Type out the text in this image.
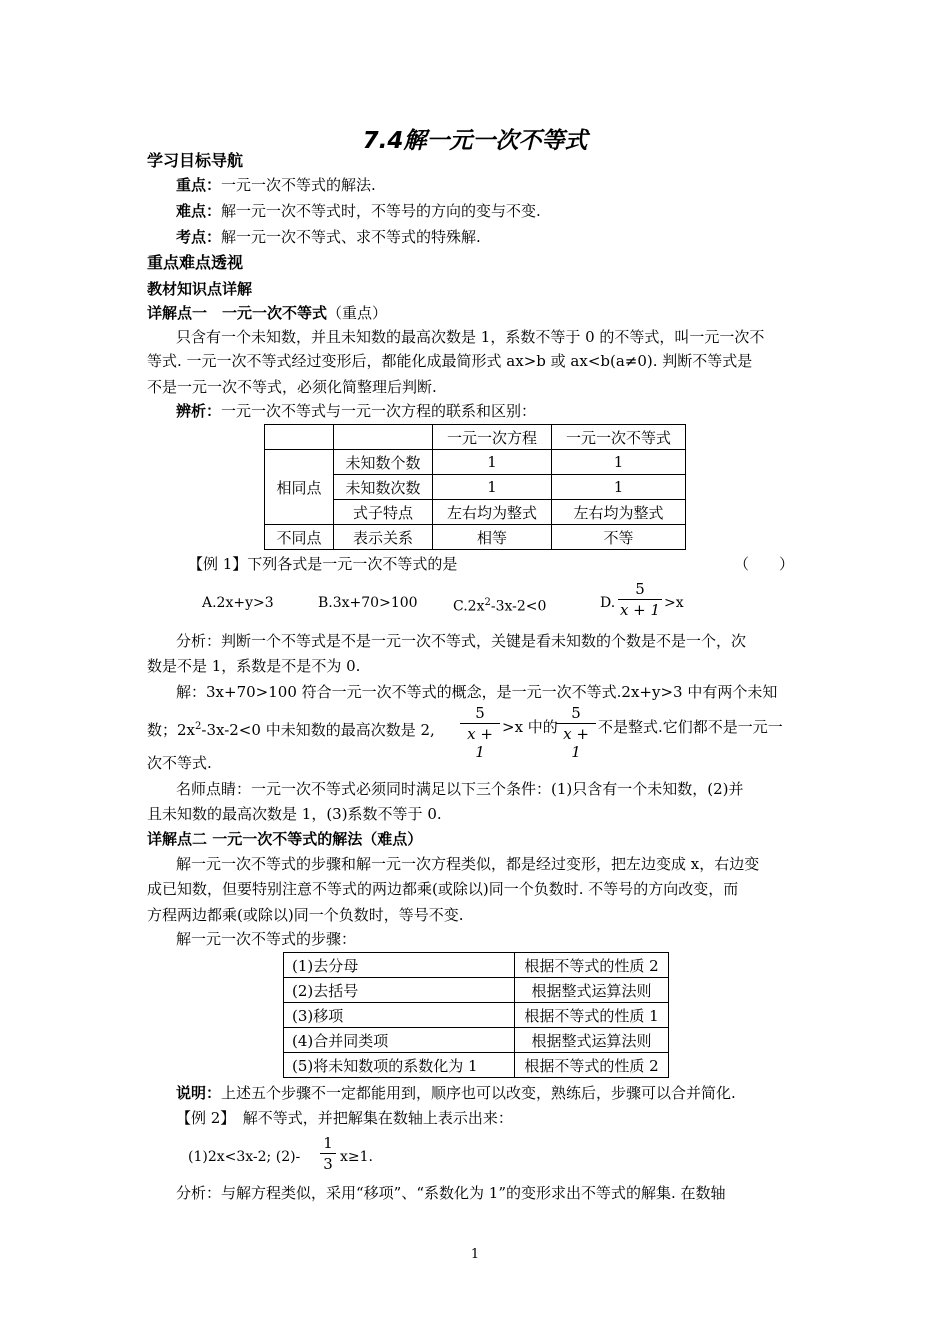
7.4解一元一次不等式
学习目标导航
重点：一元一次不等式的解法.
难点：解一元一次不等式时，不等号的方向的变与不变.
考点：解一元一次不等式、求不等式的特殊解.
重点难点透视
教材知识点详解
详解点一　一元一次不等式（重点）
只含有一个未知数，并且未知数的最高次数是 1，系数不等于 0 的不等式，叫一元一次不
等式. 一元一次不等式经过变形后，都能化成最简形式 ax>b 或 ax<b(a≠0). 判断不等式是
不是一元一次不等式，必须化简整理后判断.
辨析：一元一次不等式与一元一次方程的联系和区别：
		一元一次方程	一元一次不等式
相同点	未知数个数	1	1
	未知数次数	1	1
	式子特点	左右均为整式	左右均为整式
不同点	表示关系	相等	不等
【例 1】下列各式是一元一次不等式的是	（　　）
A.2x+y>3	B.3x+70>100	$C.2x^2-3x-2<0$	D.
5
x + 1 >x
分析：判断一个不等式是不是一元一次不等式，关键是看未知数的个数是不是一个，次
数是不是 1，系数是不是不为 0.
解：3x+70>100 符合一元一次不等式的概念，是一元一次不等式.2x+y>3 中有两个未知
数；$2x^2-3x-2<0$ 中未知数的最高次数是 2,
5
x + 1
>x 中的
5
x + 1
不是整式.它们都不是一元一
次不等式.
名师点睛：一元一次不等式必须同时满足以下三个条件：(1)只含有一个未知数，(2)并
且未知数的最高次数是 1，(3)系数不等于 0.
详解点二 一元一次不等式的解法（难点）
解一元一次不等式的步骤和解一元一次方程类似，都是经过变形，把左边变成 x，右边变
成已知数，但要特别注意不等式的两边都乘(或除以)同一个负数时. 不等号的方向改变，而
方程两边都乘(或除以)同一个负数时，等号不变.
解一元一次不等式的步骤：
(1)去分母	根据不等式的性质 2
(2)去括号	根据整式运算法则
(3)移项	根据不等式的性质 1
(4)合并同类项	根据整式运算法则
(5)将未知数项的系数化为 1	根据不等式的性质 2
说明：上述五个步骤不一定都能用到，顺序也可以改变，熟练后，步骤可以合并简化.
【例 2】　解不等式，并把解集在数轴上表示出来：
(1)2x<3x-2; (2)-
1
3 x≥1.
分析：与解方程类似，采用“移项”、“系数化为 1”的变形求出不等式的解集. 在数轴
1
